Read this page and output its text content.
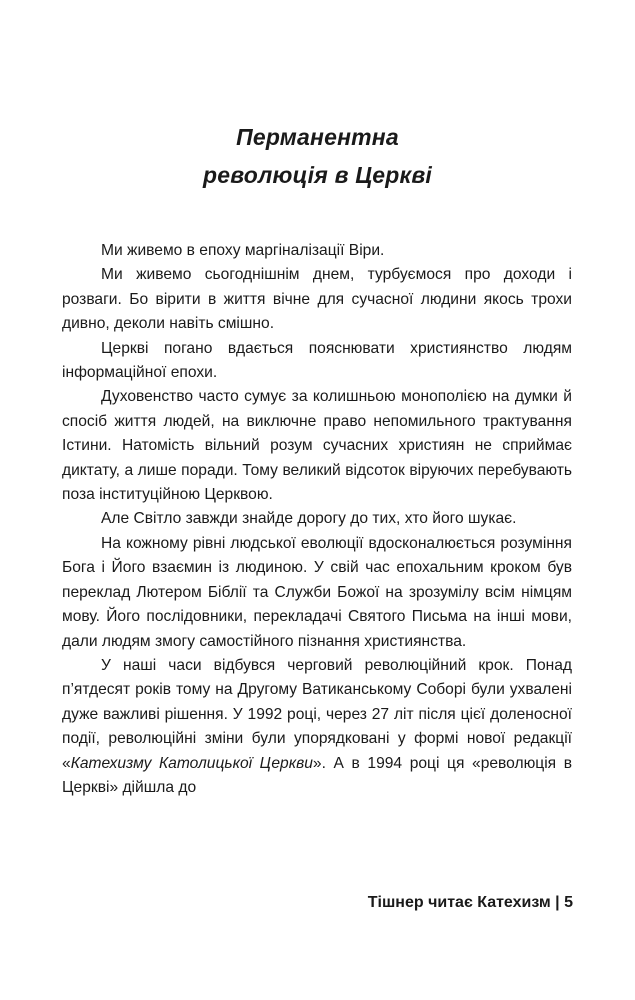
Перманентна
революція в Церкві

Ми живемо в епоху маргіналізації Віри.

Ми живемо сьогоднішнім днем, турбуємося про доходи і розваги. Бо вірити в життя вічне для сучасної людини якось трохи дивно, деколи навіть смішно.

Церкві погано вдається пояснювати християнство людям інформаційної епохи.

Духовенство часто сумує за колишньою монополією на думки й спосіб життя людей, на виключне право непомильного трактування Істини. Натомість вільний розум сучасних християн не сприймає диктату, а лише поради. Тому великий відсоток віруючих перебувають поза інституційною Церквою.

Але Світло завжди знайде дорогу до тих, хто його шукає.

На кожному рівні людської еволюції вдосконалюється розуміння Бога і Його взаємин із людиною. У свій час епохальним кроком був переклад Лютером Біблії та Служби Божої на зрозумілу всім німцям мову. Його послідовники, перекладачі Святого Письма на інші мови, дали людям змогу самостійного пізнання християнства.

У наші часи відбувся черговий революційний крок. Понад п’ятдесят років тому на Другому Ватиканському Соборі були ухвалені дуже важливі рішення. У 1992 році, через 27 літ після цієї доленосної події, революційні зміни були упорядковані у формі нової редакції «Катехизму Католицької Церкви». А в 1994 році ця «революція в Церкві» дійшла до

Тішнер читає Катехизм | 5
